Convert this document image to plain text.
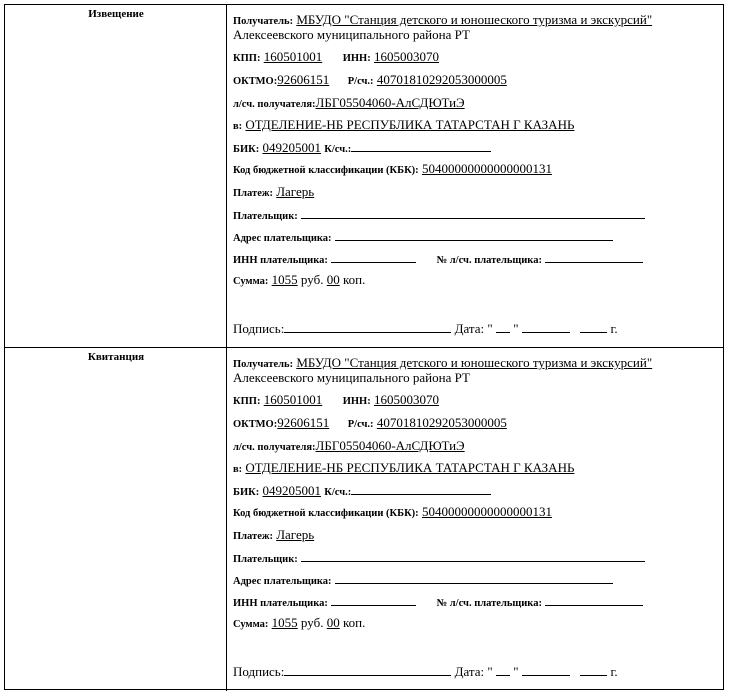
Извещение
Получатель: МБУДО "Станция детского и юношеского туризма и экскурсий"
Алексеевского муниципального района РТ
КПП: 160501001 ИНН: 1605003070
ОКТМО:92606151 Р/сч.: 40701810292053000005
л/сч. получателя:ЛБГ05504060-АлСДЮТиЭ
в: ОТДЕЛЕНИЕ-НБ РЕСПУБЛИКА ТАТАРСТАН Г КАЗАНЬ
БИК: 049205001 К/сч.:
Код бюджетной классификации (КБК): 50400000000000000131
Платеж: Лагерь
Плательщик:
Адрес плательщика:
ИНН плательщика:	№ л/сч. плательщика:
Сумма: 1055 руб. 00 коп.
Подпись:	Дата: " "	г.
Квитанция
Получатель: МБУДО "Станция детского и юношеского туризма и экскурсий"
Алексеевского муниципального района РТ
КПП: 160501001 ИНН: 1605003070
ОКТМО:92606151 Р/сч.: 40701810292053000005
л/сч. получателя:ЛБГ05504060-АлСДЮТиЭ
в: ОТДЕЛЕНИЕ-НБ РЕСПУБЛИКА ТАТАРСТАН Г КАЗАНЬ
БИК: 049205001 К/сч.:
Код бюджетной классификации (КБК): 50400000000000000131
Платеж: Лагерь
Плательщик:
Адрес плательщика:
ИНН плательщика:	№ л/сч. плательщика:
Сумма: 1055 руб. 00 коп.
Подпись:	Дата: " "	г.
